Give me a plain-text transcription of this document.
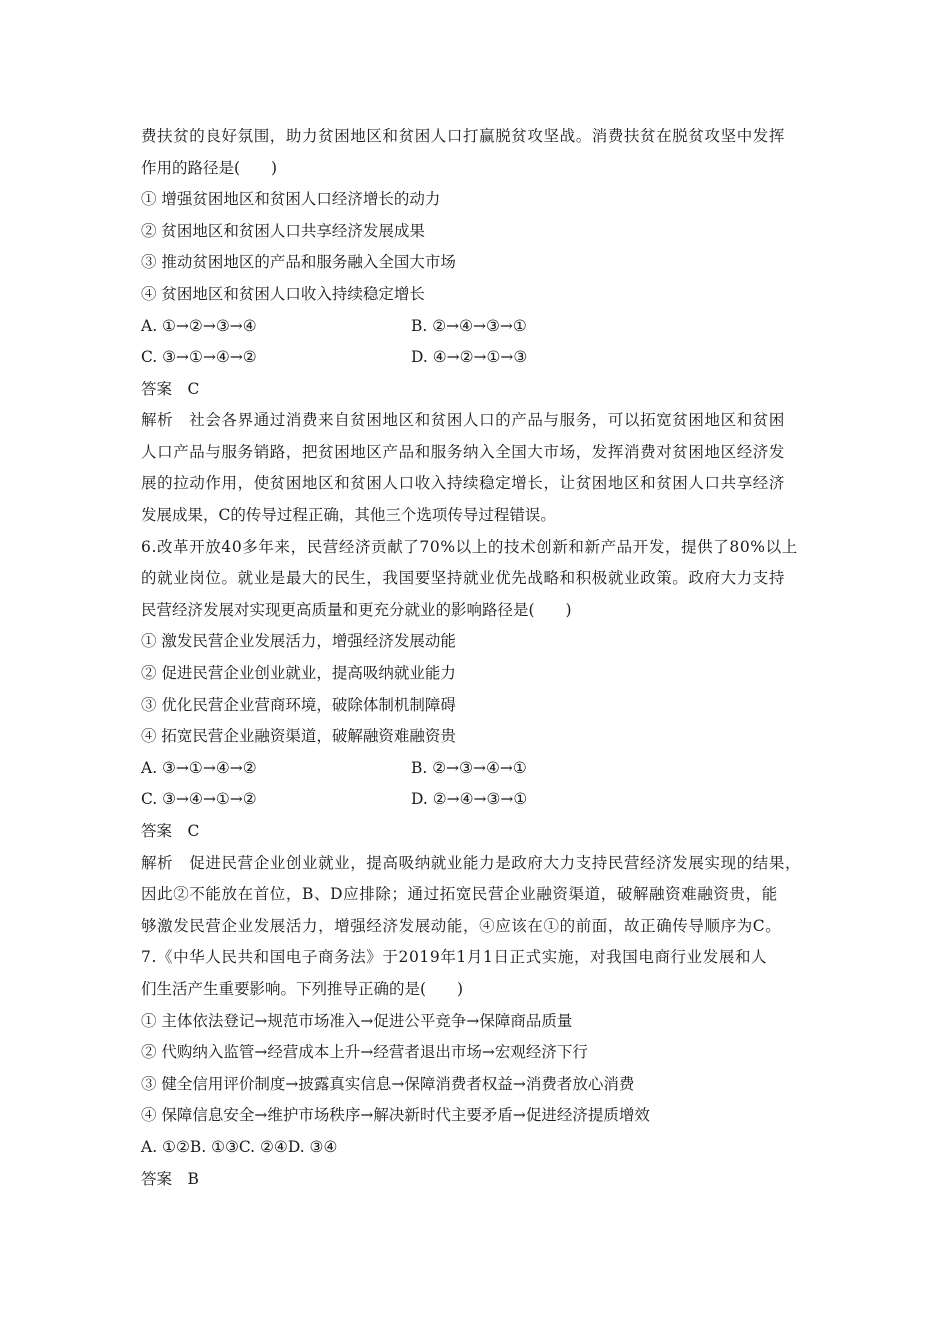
费扶贫的良好氛围，助力贫困地区和贫困人口打赢脱贫攻坚战。消费扶贫在脱贫攻坚中发挥
作用的路径是(　　)
① 增强贫困地区和贫困人口经济增长的动力
② 贫困地区和贫困人口共享经济发展成果
③ 推动贫困地区的产品和服务融入全国大市场
④ 贫困地区和贫困人口收入持续稳定增长
A. ①→②→③→④	B. ②→④→③→①
C. ③→①→④→②	D. ④→②→①→③
答案　C
解析　社会各界通过消费来自贫困地区和贫困人口的产品与服务，可以拓宽贫困地区和贫困
人口产品与服务销路，把贫困地区产品和服务纳入全国大市场，发挥消费对贫困地区经济发
展的拉动作用，使贫困地区和贫困人口收入持续稳定增长，让贫困地区和贫困人口共享经济
发展成果，C的传导过程正确，其他三个选项传导过程错误。
6.改革开放40多年来，民营经济贡献了70%以上的技术创新和新产品开发，提供了80%以上
的就业岗位。就业是最大的民生，我国要坚持就业优先战略和积极就业政策。政府大力支持
民营经济发展对实现更高质量和更充分就业的影响路径是(　　)
① 激发民营企业发展活力，增强经济发展动能
② 促进民营企业创业就业，提高吸纳就业能力
③ 优化民营企业营商环境，破除体制机制障碍
④ 拓宽民营企业融资渠道，破解融资难融资贵
A. ③→①→④→②	B. ②→③→④→①
C. ③→④→①→②	D. ②→④→③→①
答案　C
解析　促进民营企业创业就业，提高吸纳就业能力是政府大力支持民营经济发展实现的结果，
因此②不能放在首位，B、D应排除；通过拓宽民营企业融资渠道，破解融资难融资贵，能
够激发民营企业发展活力，增强经济发展动能，④应该在①的前面，故正确传导顺序为C。
7.《中华人民共和国电子商务法》于2019年1月1日正式实施，对我国电商行业发展和人
们生活产生重要影响。下列推导正确的是(　　)
① 主体依法登记→规范市场准入→促进公平竞争→保障商品质量
② 代购纳入监管→经营成本上升→经营者退出市场→宏观经济下行
③ 健全信用评价制度→披露真实信息→保障消费者权益→消费者放心消费
④ 保障信息安全→维护市场秩序→解决新时代主要矛盾→促进经济提质增效
A. ①②B. ①③C. ②④D. ③④
答案　B
